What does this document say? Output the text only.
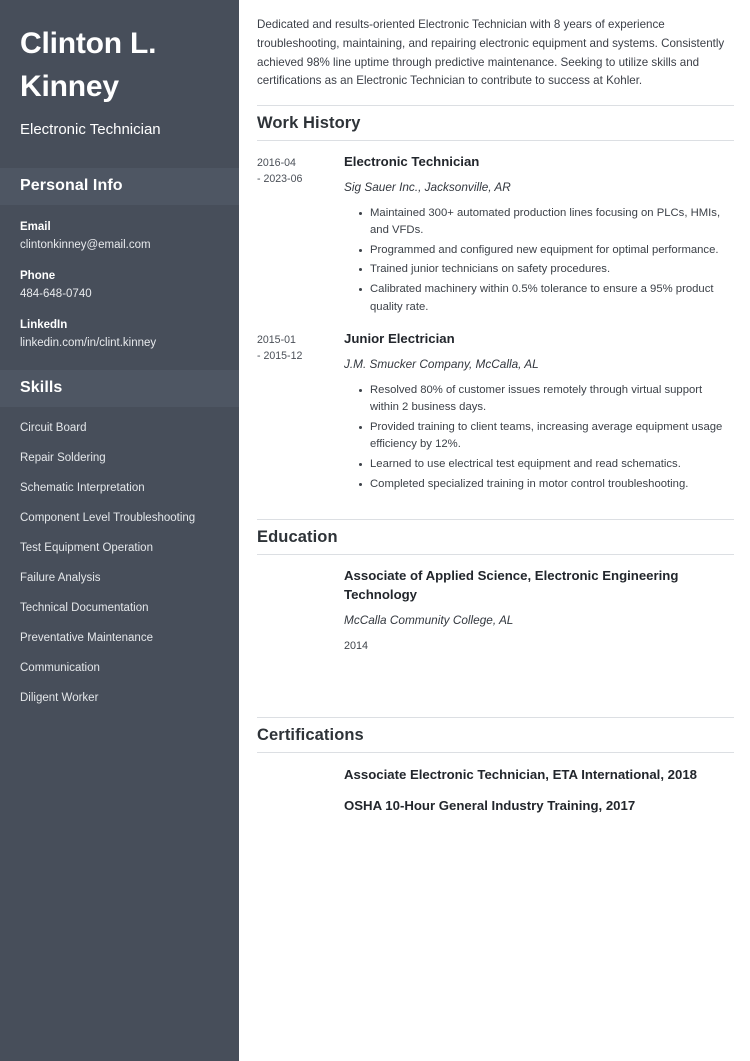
Clinton L. Kinney
Electronic Technician
Personal Info
Email
clintonkinney@email.com
Phone
484-648-0740
LinkedIn
linkedin.com/in/clint.kinney
Skills
Circuit Board
Repair Soldering
Schematic Interpretation
Component Level Troubleshooting
Test Equipment Operation
Failure Analysis
Technical Documentation
Preventative Maintenance
Communication
Diligent Worker

Dedicated and results-oriented Electronic Technician with 8 years of experience troubleshooting, maintaining, and repairing electronic equipment and systems. Consistently achieved 98% line uptime through predictive maintenance. Seeking to utilize skills and certifications as an Electronic Technician to contribute to success at Kohler.

Work History
2016-04
- 2023-06
Electronic Technician
Sig Sauer Inc., Jacksonville, AR
Maintained 300+ automated production lines focusing on PLCs, HMIs, and VFDs.
Programmed and configured new equipment for optimal performance.
Trained junior technicians on safety procedures.
Calibrated machinery within 0.5% tolerance to ensure a 95% product quality rate.
2015-01
- 2015-12
Junior Electrician
J.M. Smucker Company, McCalla, AL
Resolved 80% of customer issues remotely through virtual support within 2 business days.
Provided training to client teams, increasing average equipment usage efficiency by 12%.
Learned to use electrical test equipment and read schematics.
Completed specialized training in motor control troubleshooting.
Education
Associate of Applied Science, Electronic Engineering Technology
McCalla Community College, AL
2014
Certifications
Associate Electronic Technician, ETA International, 2018
OSHA 10-Hour General Industry Training, 2017
